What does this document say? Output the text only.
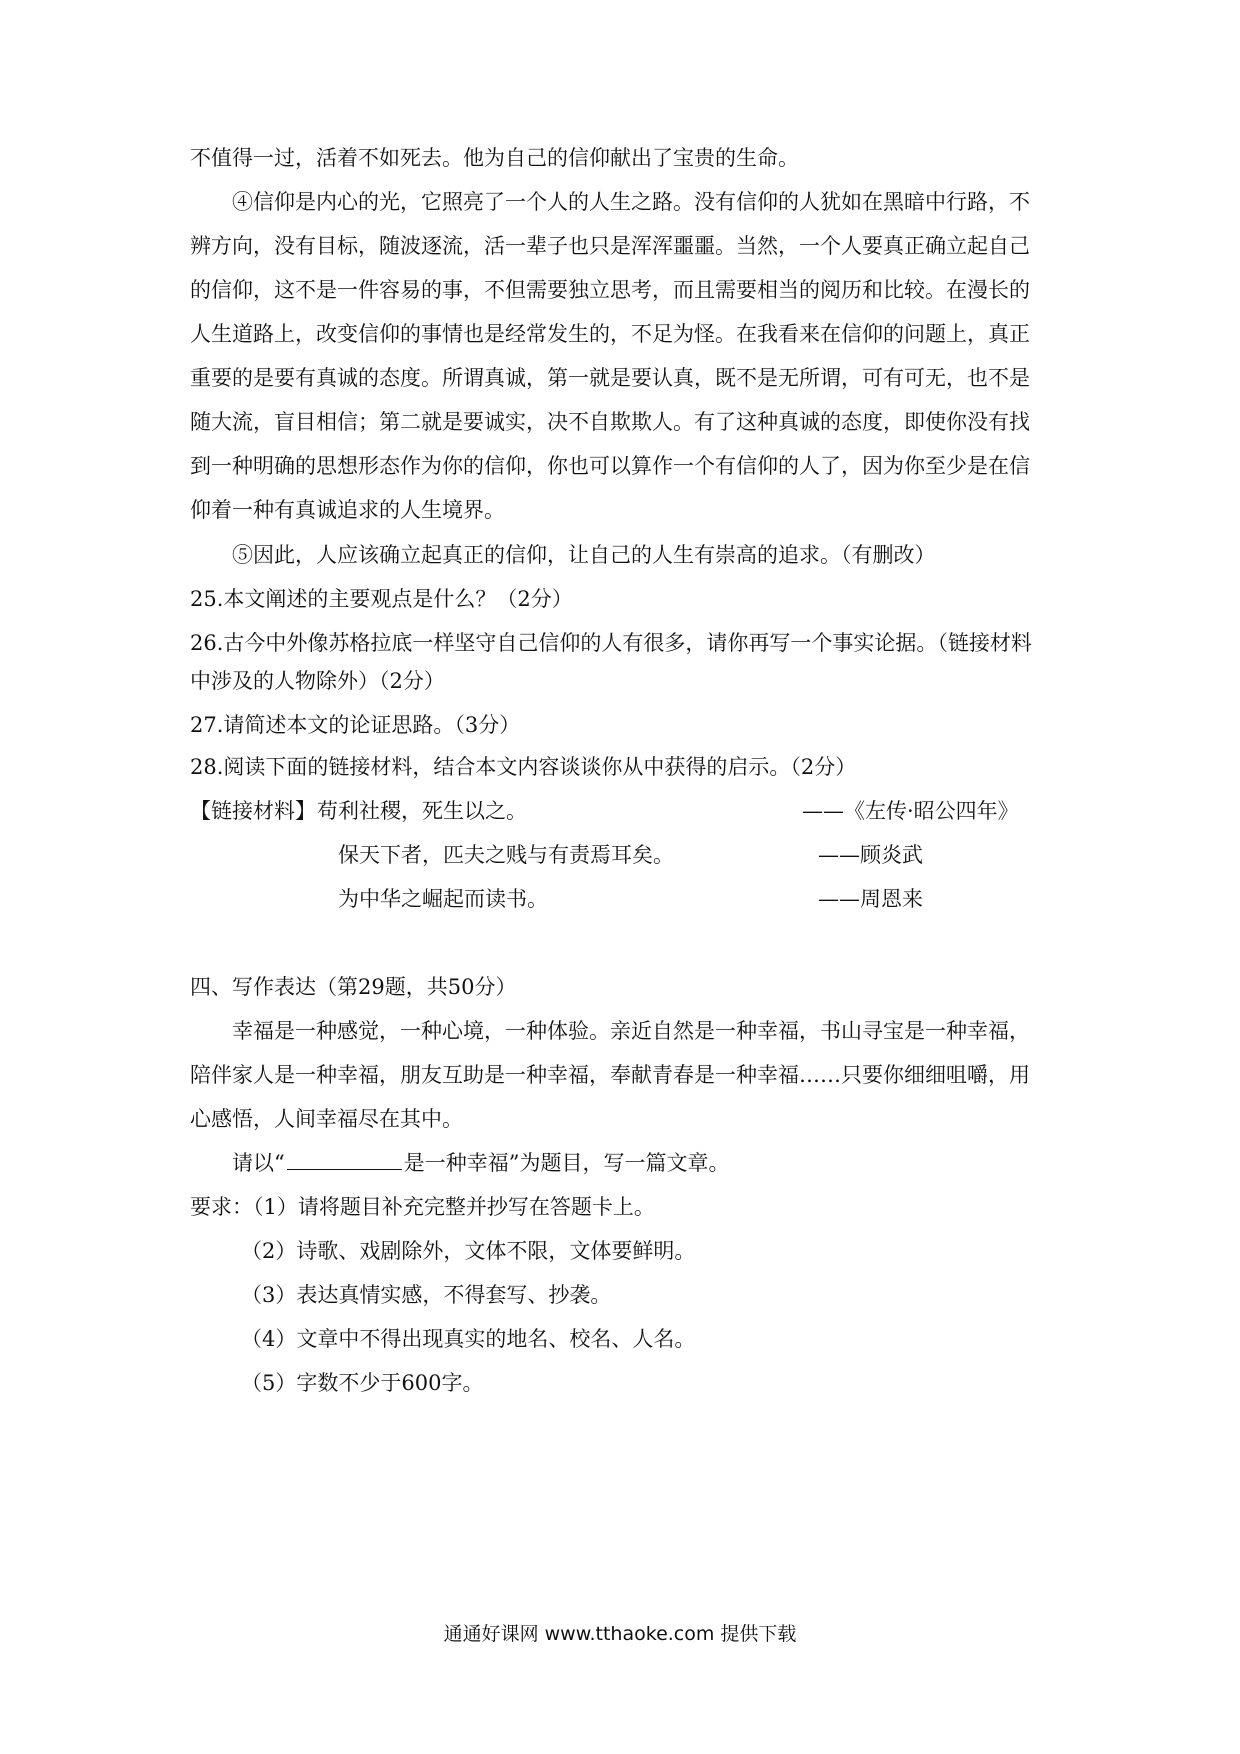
不值得一过，活着不如死去。他为自己的信仰献出了宝贵的生命。
④信仰是内心的光，它照亮了一个人的人生之路。没有信仰的人犹如在黑暗中行路，不
辨方向，没有目标，随波逐流，活一辈子也只是浑浑噩噩。当然，一个人要真正确立起自己
的信仰，这不是一件容易的事，不但需要独立思考，而且需要相当的阅历和比较。在漫长的
人生道路上，改变信仰的事情也是经常发生的，不足为怪。在我看来在信仰的问题上，真正
重要的是要有真诚的态度。所谓真诚，第一就是要认真，既不是无所谓，可有可无，也不是
随大流，盲目相信；第二就是要诚实，决不自欺欺人。有了这种真诚的态度，即使你没有找
到一种明确的思想形态作为你的信仰，你也可以算作一个有信仰的人了，因为你至少是在信
仰着一种有真诚追求的人生境界。
⑤因此，人应该确立起真正的信仰，让自己的人生有崇高的追求。（有删改）
25.本文阐述的主要观点是什么？（2分）
26.古今中外像苏格拉底一样坚守自己信仰的人有很多，请你再写一个事实论据。（链接材料
中涉及的人物除外）（2分）
27.请简述本文的论证思路。（3分）
28.阅读下面的链接材料，结合本文内容谈谈你从中获得的启示。（2分）
【链接材料】 苟利社稷，死生以之。	——《左传·昭公四年》
保天下者，匹夫之贱与有责焉耳矣。	——顾炎武
为中华之崛起而读书。	——周恩来
四、写作表达（第29题，共50分）
幸福是一种感觉，一种心境，一种体验。亲近自然是一种幸福，书山寻宝是一种幸福，
陪伴家人是一种幸福，朋友互助是一种幸福，奉献青春是一种幸福……只要你细细咀嚼，用
心感悟，人间幸福尽在其中。
请以“	是一种幸福”为题目，写一篇文章。
要求：（1）请将题目补充完整并抄写在答题卡上。
（2）诗歌、戏剧除外，文体不限，文体要鲜明。
（3）表达真情实感，不得套写、抄袭。
（4）文章中不得出现真实的地名、校名、人名。
（5）字数不少于600字。
通通好课网 www.tthaoke.com 提供下载
